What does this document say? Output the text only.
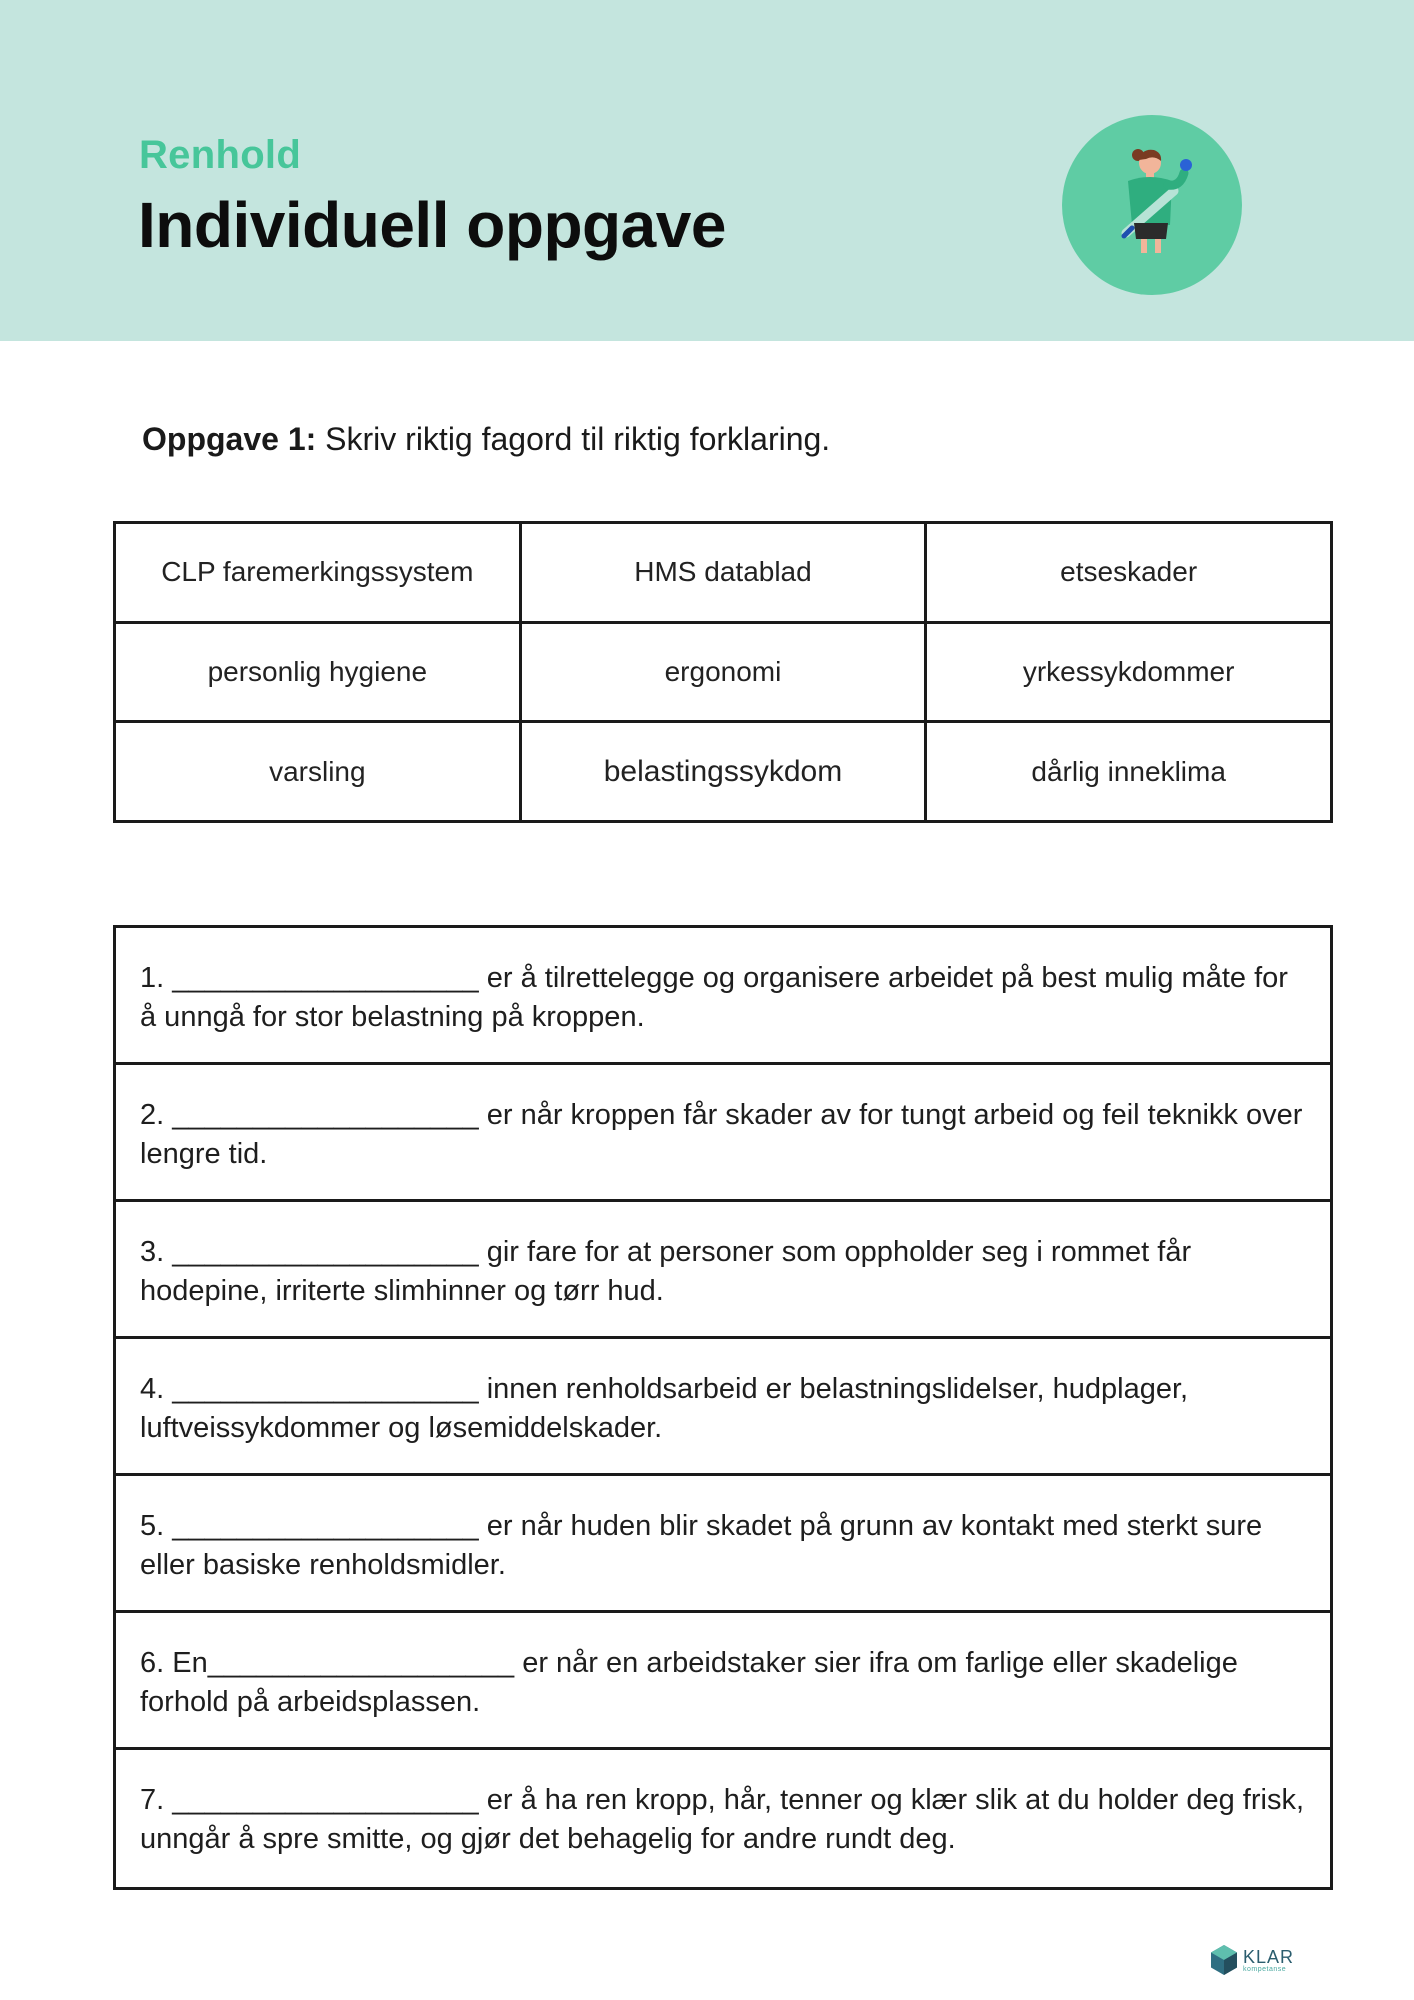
Renhold
Individuell oppgave
Oppgave 1: Skriv riktig fagord til riktig forklaring.
CLP faremerkingssystem	HMS datablad	etseskader
personlig hygiene	ergonomi	yrkessykdommer
varsling	belastingssykdom	dårlig inneklima
1. ___________________ er å tilrettelegge og organisere arbeidet på best mulig måte for å unngå for stor belastning på kroppen.
2. ___________________ er når kroppen får skader av for tungt arbeid og feil teknikk over lengre tid.
3. ___________________ gir fare for at personer som oppholder seg i rommet får hodepine, irriterte slimhinner og tørr hud.
4. ___________________ innen renholdsarbeid er belastningslidelser, hudplager, luftveissykdommer og løsemiddelskader.
5. ___________________ er når huden blir skadet på grunn av kontakt med sterkt sure eller basiske renholdsmidler.
6. En___________________ er når en arbeidstaker sier ifra om farlige eller skadelige forhold på arbeidsplassen.
7. ___________________ er å ha ren kropp, hår, tenner og klær slik at du holder deg frisk, unngår å spre smitte, og gjør det behagelig for andre rundt deg.
KLAR
kompetanse
